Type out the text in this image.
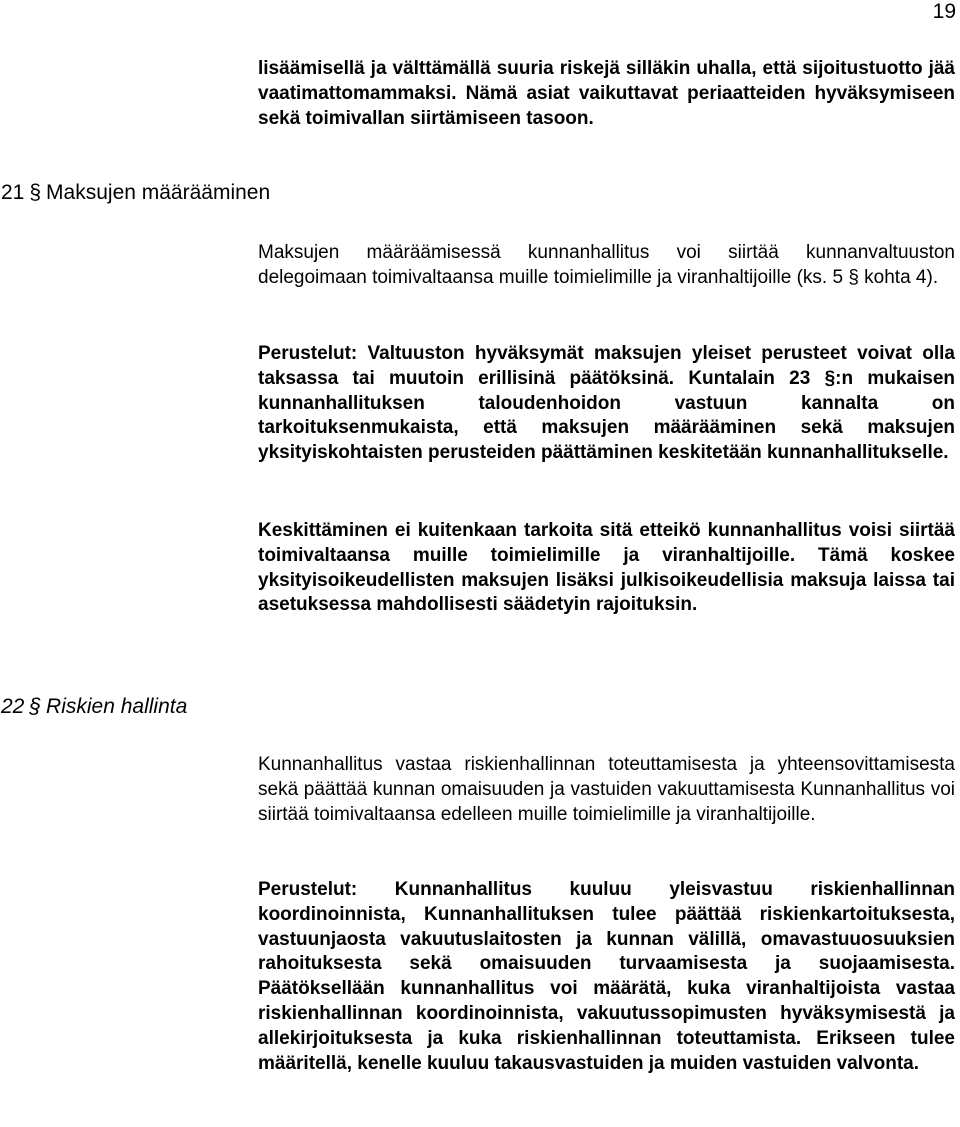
19

lisäämisellä ja välttämällä suuria riskejä silläkin uhalla, että sijoitustuotto jää vaatimattomammaksi. Nämä asiat vaikuttavat periaatteiden hyväksymiseen sekä toimivallan siirtämiseen tasoon.

21 § Maksujen määrääminen

Maksujen määräämisessä kunnanhallitus voi siirtää kunnanvaltuuston delegoimaan toimivaltaansa muille toimielimille ja viranhaltijoille (ks. 5 § kohta 4).

Perustelut: Valtuuston hyväksymät maksujen yleiset perusteet voivat olla taksassa tai muutoin erillisinä päätöksinä. Kuntalain 23 §:n mukaisen kunnanhallituksen taloudenhoidon vastuun kannalta on tarkoituksenmukaista, että maksujen määrääminen sekä maksujen yksityiskohtaisten perusteiden päättäminen keskitetään kunnanhallitukselle.

Keskittäminen ei kuitenkaan tarkoita sitä etteikö kunnanhallitus voisi siirtää toimivaltaansa muille toimielimille ja viranhaltijoille. Tämä koskee yksityisoikeudellisten maksujen lisäksi julkisoikeudellisia maksuja laissa tai asetuksessa mahdollisesti säädetyin rajoituksin.

22 § Riskien hallinta

Kunnanhallitus vastaa riskienhallinnan toteuttamisesta ja yhteensovittamisesta sekä päättää kunnan omaisuuden ja vastuiden vakuuttamisesta Kunnanhallitus voi siirtää toimivaltaansa edelleen muille toimielimille ja viranhaltijoille.

Perustelut: Kunnanhallitus kuuluu yleisvastuu riskienhallinnan koordinoinnista, Kunnanhallituksen tulee päättää riskienkartoituksesta, vastuunjaosta vakuutuslaitosten ja kunnan välillä, omavastuuosuuksien rahoituksesta sekä omaisuuden turvaamisesta ja suojaamisesta. Päätöksellään kunnanhallitus voi määrätä, kuka viranhaltijoista vastaa riskienhallinnan koordinoinnista, vakuutussopimusten hyväksymisestä ja allekirjoituksesta ja kuka riskienhallinnan toteuttamista. Erikseen tulee määritellä, kenelle kuuluu takausvastuiden ja muiden vastuiden valvonta.
